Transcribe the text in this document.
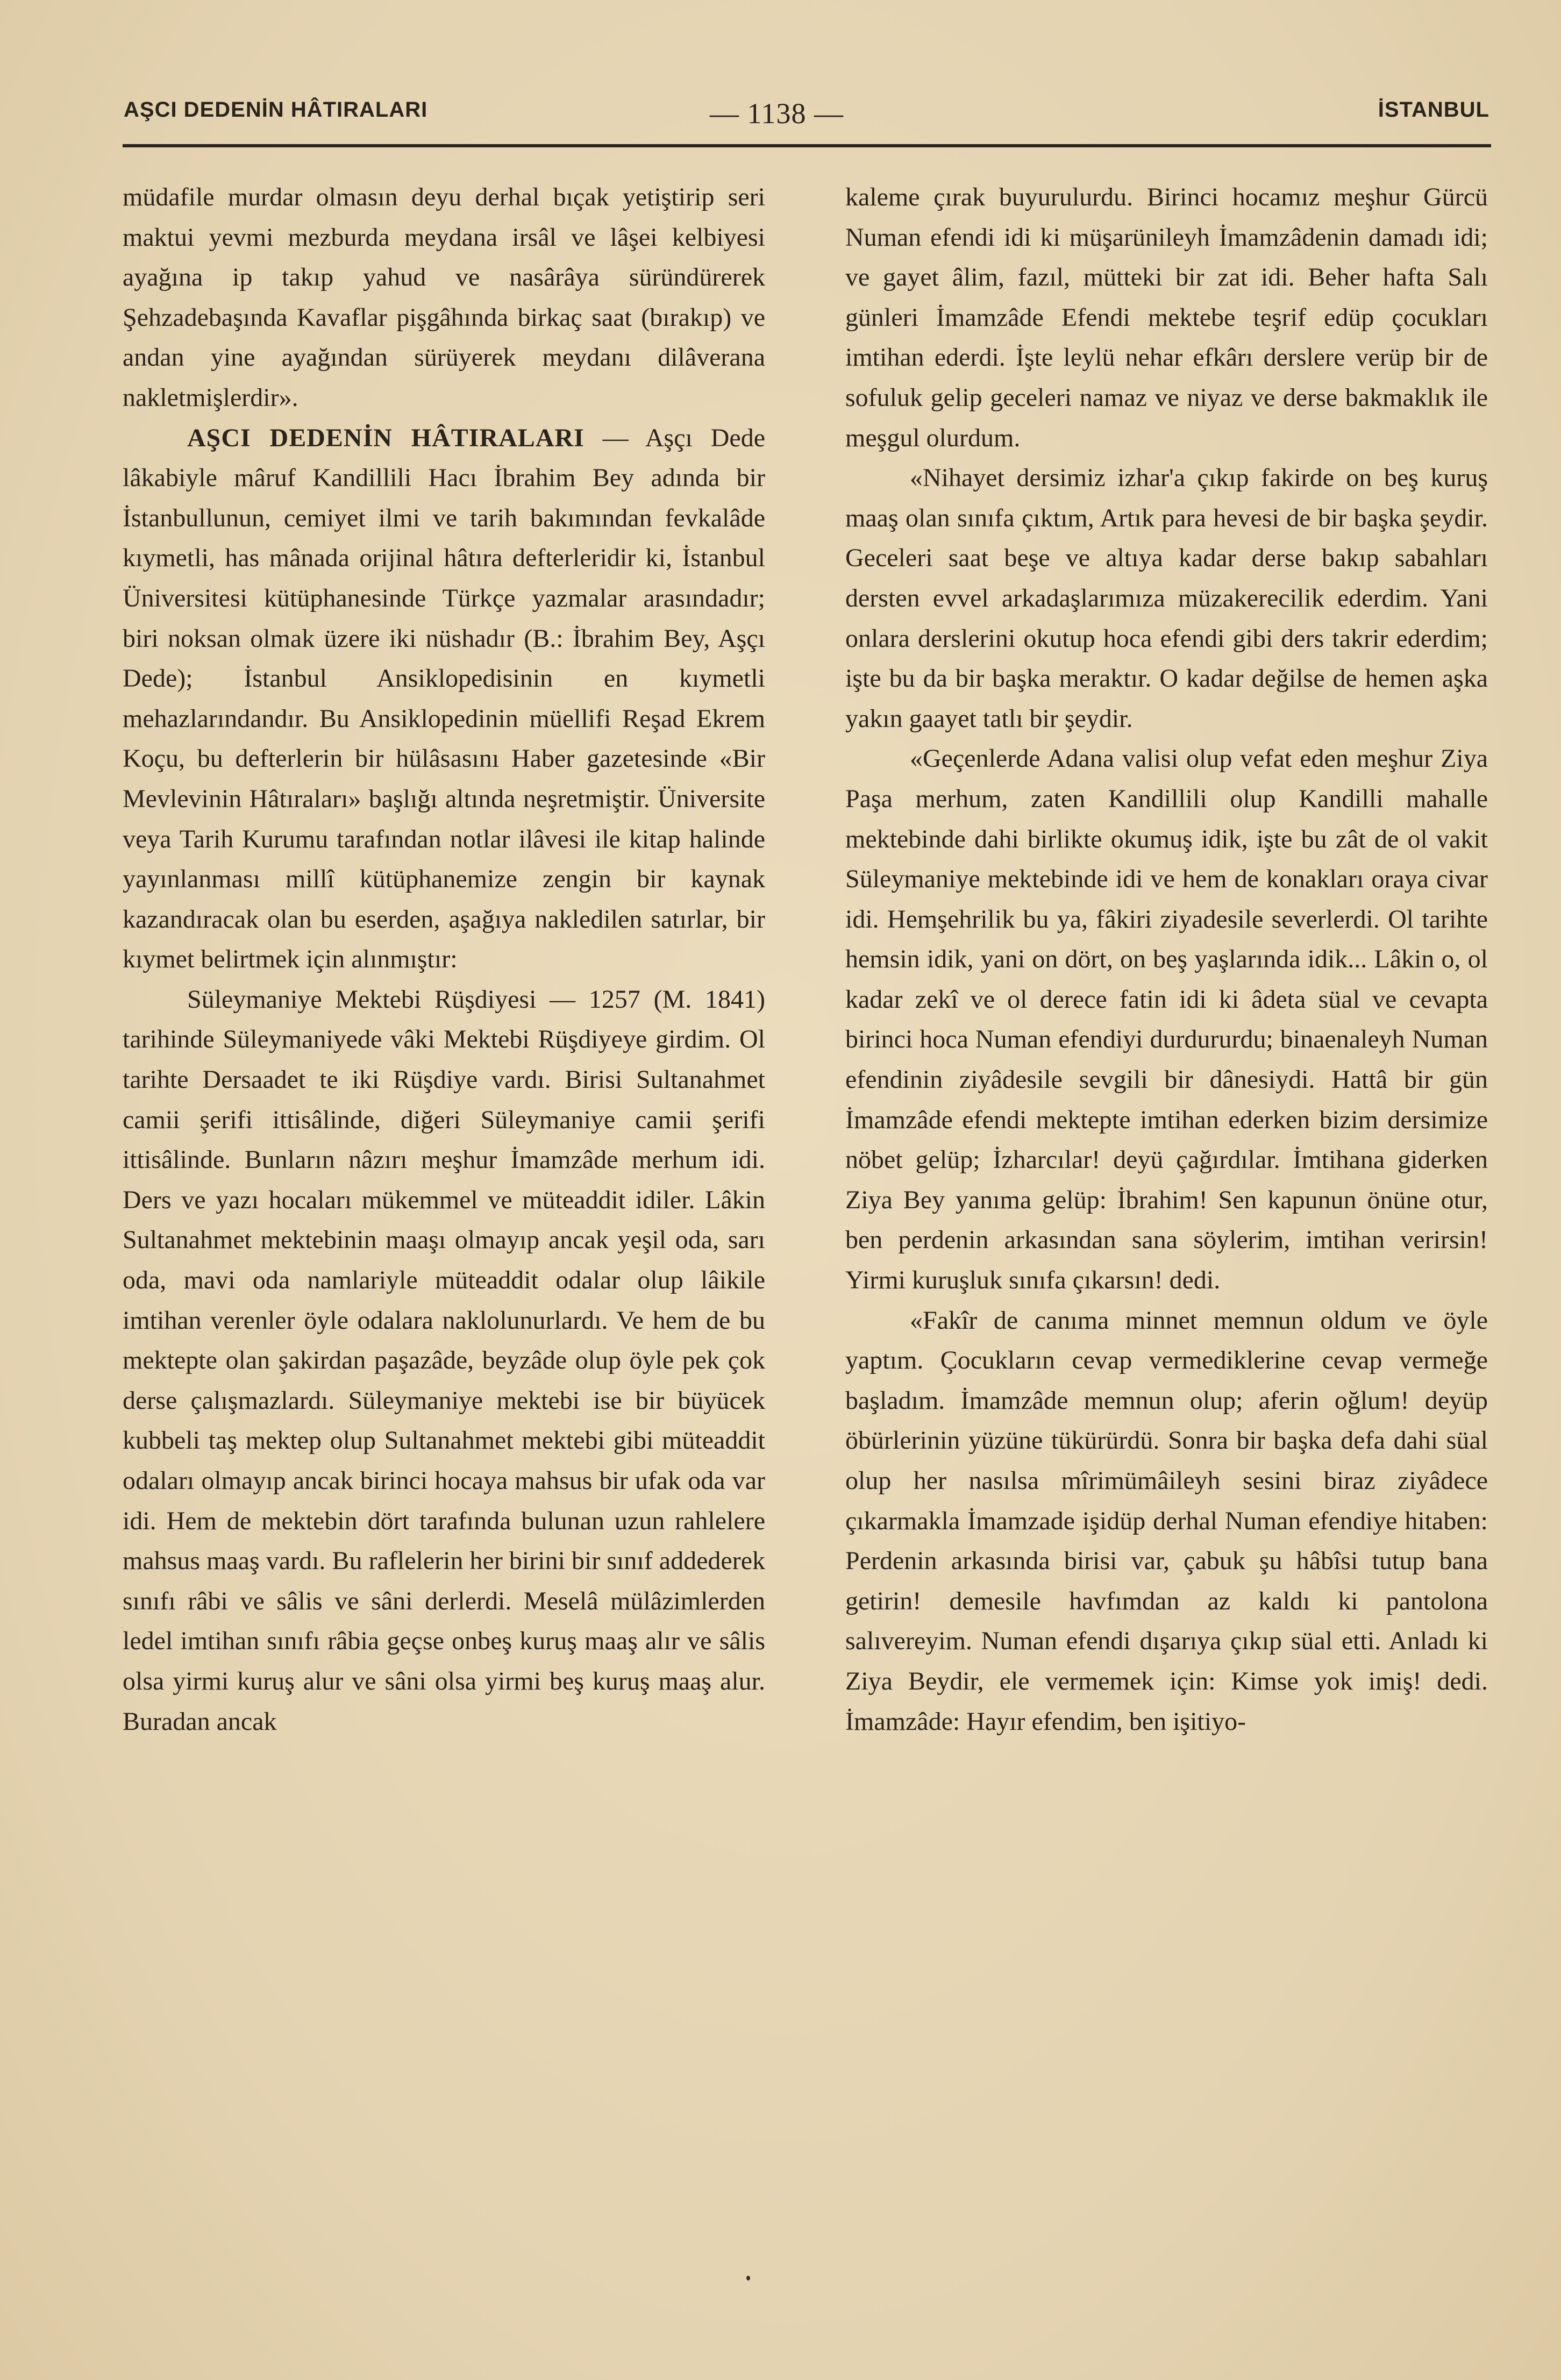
AŞCI DEDENİN HÂTIRALARI	— 1138 —	İSTANBUL

müdafile murdar olmasın deyu derhal bıçak yetiştirip seri maktui yevmi mezburda meydana irsâl ve lâşei kelbiyesi ayağına ip takıp yahud ve nasârâya süründürerek Şehzadebaşında Kavaflar pişgâhında birkaç saat (bırakıp) ve andan yine ayağından sürüyerek meydanı dilâverana nakletmişlerdir».

AŞCI DEDENİN HÂTIRALARI — Aşçı Dede lâkabiyle mâruf Kandillili Hacı İbrahim Bey adında bir İstanbullunun, cemiyet ilmi ve tarih bakımından fevkalâde kıymetli, has mânada orijinal hâtıra defterleridir ki, İstanbul Üniversitesi kütüphanesinde Türkçe yazmalar arasındadır; biri noksan olmak üzere iki nüshadır (B.: İbrahim Bey, Aşçı Dede); İstanbul Ansiklopedisinin en kıymetli mehazlarındandır. Bu Ansiklopedinin müellifi Reşad Ekrem Koçu, bu defterlerin bir hülâsasını Haber gazetesinde «Bir Mevlevinin Hâtıraları» başlığı altında neşretmiştir. Üniversite veya Tarih Kurumu tarafından notlar ilâvesi ile kitap halinde yayınlanması millî kütüphanemize zengin bir kaynak kazandıracak olan bu eserden, aşağıya nakledilen satırlar, bir kıymet belirtmek için alınmıştır:

Süleymaniye Mektebi Rüşdiyesi — 1257 (M. 1841) tarihinde Süleymaniyede vâki Mektebi Rüşdiyeye girdim. Ol tarihte Dersaadet te iki Rüşdiye vardı. Birisi Sultanahmet camii şerifi ittisâlinde, diğeri Süleymaniye camii şerifi ittisâlinde. Bunların nâzırı meşhur İmamzâde merhum idi. Ders ve yazı hocaları mükemmel ve müteaddit idiler. Lâkin Sultanahmet mektebinin maaşı olmayıp ancak yeşil oda, sarı oda, mavi oda namlariyle müteaddit odalar olup lâikile imtihan verenler öyle odalara naklolunurlardı. Ve hem de bu mektepte olan şakirdan paşazâde, beyzâde olup öyle pek çok derse çalışmazlardı. Süleymaniye mektebi ise bir büyücek kubbeli taş mektep olup Sultanahmet mektebi gibi müteaddit odaları olmayıp ancak birinci hocaya mahsus bir ufak oda var idi. Hem de mektebin dört tarafında bulunan uzun rahlelere mahsus maaş vardı. Bu raflelerin her birini bir sınıf addederek sınıfı râbi ve sâlis ve sâni derlerdi. Meselâ mülâzimlerden ledel imtihan sınıfı râbia geçse onbeş kuruş maaş alır ve sâlis olsa yirmi kuruş alur ve sâni olsa yirmi beş kuruş maaş alur. Buradan ancak

kaleme çırak buyurulurdu. Birinci hocamız meşhur Gürcü Numan efendi idi ki müşarünileyh İmamzâdenin damadı idi; ve gayet âlim, fazıl, mütteki bir zat idi. Beher hafta Salı günleri İmamzâde Efendi mektebe teşrif edüp çocukları imtihan ederdi. İşte leylü nehar efkârı derslere verüp bir de sofuluk gelip geceleri namaz ve niyaz ve derse bakmaklık ile meşgul olurdum.

«Nihayet dersimiz izhar'a çıkıp fakirde on beş kuruş maaş olan sınıfa çıktım, Artık para hevesi de bir başka şeydir. Geceleri saat beşe ve altıya kadar derse bakıp sabahları dersten evvel arkadaşlarımıza müzakerecilik ederdim. Yani onlara derslerini okutup hoca efendi gibi ders takrir ederdim; işte bu da bir başka meraktır. O kadar değilse de hemen aşka yakın gaayet tatlı bir şeydir.

«Geçenlerde Adana valisi olup vefat eden meşhur Ziya Paşa merhum, zaten Kandillili olup Kandilli mahalle mektebinde dahi birlikte okumuş idik, işte bu zât de ol vakit Süleymaniye mektebinde idi ve hem de konakları oraya civar idi. Hemşehrilik bu ya, fâkiri ziyadesile severlerdi. Ol tarihte hemsin idik, yani on dört, on beş yaşlarında idik... Lâkin o, ol kadar zekî ve ol derece fatin idi ki âdeta süal ve cevapta birinci hoca Numan efendiyi durdururdu; binaenaleyh Numan efendinin ziyâdesile sevgili bir dânesiydi. Hattâ bir gün İmamzâde efendi mektepte imtihan ederken bizim dersimize nöbet gelüp; İzharcılar! deyü çağırdılar. İmtihana giderken Ziya Bey yanıma gelüp: İbrahim! Sen kapunun önüne otur, ben perdenin arkasından sana söylerim, imtihan verirsin! Yirmi kuruşluk sınıfa çıkarsın! dedi.

«Fakîr de canıma minnet memnun oldum ve öyle yaptım. Çocukların cevap vermediklerine cevap vermeğe başladım. İmamzâde memnun olup; aferin oğlum! deyüp öbürlerinin yüzüne tükürürdü. Sonra bir başka defa dahi süal olup her nasılsa mîrimümâileyh sesini biraz ziyâdece çıkarmakla İmamzade işidüp derhal Numan efendiye hitaben: Perdenin arkasında birisi var, çabuk şu hâbîsi tutup bana getirin! demesile havfımdan az kaldı ki pantolona salıvereyim. Numan efendi dışarıya çıkıp süal etti. Anladı ki Ziya Beydir, ele vermemek için: Kimse yok imiş! dedi. İmamzâde: Hayır efendim, ben işitiyo-
